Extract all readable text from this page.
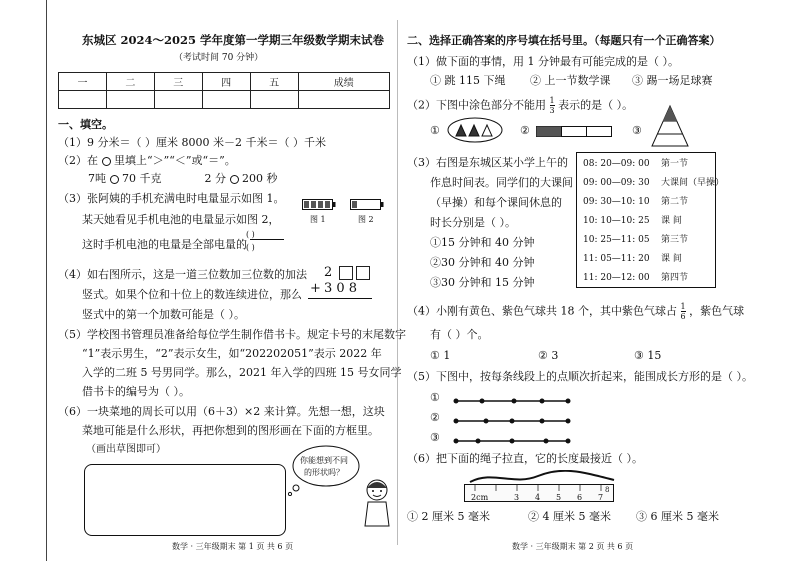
东城区 2024～2025 学年度第一学期三年级数学期末试卷
（考试时间 70 分钟）
一	二	三	四	五	成绩

一、填空。
（1）9 分米＝（ ）厘米 8000 米－2 千米＝（ ）千米
（2）在 里填上“＞”“＜”或“＝”。
7吨 70 千克	2 分 200 秒
（3）张阿姨的手机充满电时电量显示如图 1。
某天她看见手机电池的电量显示如图 2，
这时手机电池的电量是全部电量的
( )
( )
图 1	图 2
（4）如右图所示，这是一道三位数加三位数的加法
竖式。如果个位和十位上的数连续进位，那么
竖式中的第一个加数可能是（ ）。
2
+ 3 0 8
（5）学校图书管理员准备给每位学生制作借书卡。规定卡号的末尾数字
“1”表示男生，“2”表示女生，如“202202051”表示 2022 年
入学的二班 5 号男同学。那么，2021 年入学的四班 15 号女同学
借书卡的编号为（ ）。
（6）一块菜地的周长可以用（6＋3）×2 来计算。先想一想，这块
菜地可能是什么形状，再把你想到的图形画在下面的方框里。
（画出草图即可）
你能想到不同
的形状吗？
数学 · 三年级期末 第 1 页 共 6 页
二、选择正确答案的序号填在括号里。（每题只有一个正确答案）
（1）做下面的事情，用 1 分钟最有可能完成的是（ ）。
① 跳 115 下绳 ② 上一节数学课 ③ 踢一场足球赛
（2）下图中涂色部分不能用 $\frac{1}{3}$ 表示的是（ ）。
①	②	③
（3）右图是东城区某小学上午的
作息时间表。同学们的大课间
（早操）和每个课间休息的
时长分别是（ ）。
①15 分钟和 40 分钟
②30 分钟和 40 分钟
③30 分钟和 15 分钟
08: 20—09: 00 第一节
09: 00—09: 30 大课间（早操）
09: 30—10: 10 第二节
10: 10—10: 25 课 间
10: 25—11: 05 第三节
11: 05—11: 20 课 间
11: 20—12: 00 第四节
（4）小刚有黄色、紫色气球共 18 个，其中紫色气球占 $\frac{1}{6}$ ，紫色气球
有（ ）个。
① 1	② 3	③ 15
（5）下图中，按每条线段上的点顺次折起来，能围成长方形的是（ ）。
①
②
③
（6）把下面的绳子拉直，它的长度最接近（ ）。
2cm	3 4 5 6 7
8
① 2 厘米 5 毫米	② 4 厘米 5 毫米 ③ 6 厘米 5 毫米
数学 · 三年级期末 第 2 页 共 6 页
